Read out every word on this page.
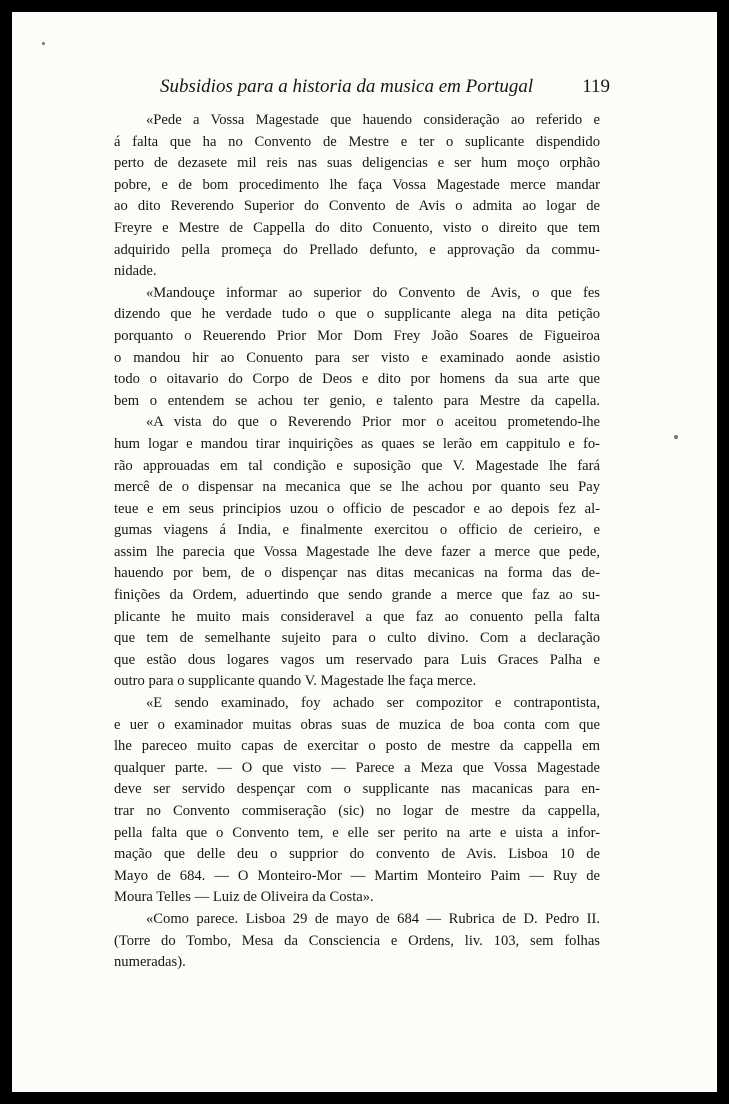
Subsidios para a historia da musica em Portugal	119
«Pede a Vossa Magestade que hauendo consideração ao referido e
á falta que ha no Convento de Mestre e ter o suplicante dispendido
perto de dezasete mil reis nas suas deligencias e ser hum moço orphão
pobre, e de bom procedimento lhe faça Vossa Magestade merce mandar
ao dito Reverendo Superior do Convento de Avis o admita ao logar de
Freyre e Mestre de Cappella do dito Conuento, visto o direito que tem
adquirido pella promeça do Prellado defunto, e approvação da commu-
nidade.
«Mandouçe informar ao superior do Convento de Avis, o que fes
dizendo que he verdade tudo o que o supplicante alega na dita petição
porquanto o Reuerendo Prior Mor Dom Frey João Soares de Figueiroa
o mandou hir ao Conuento para ser visto e examinado aonde asistio
todo o oitavario do Corpo de Deos e dito por homens da sua arte que
bem o entendem se achou ter genio, e talento para Mestre da capella.
«A vista do que o Reverendo Prior mor o aceitou prometendo-lhe
hum logar e mandou tirar inquirições as quaes se lerão em cappitulo e fo-
rão approuadas em tal condição e suposição que V. Magestade lhe fará
mercê de o dispensar na mecanica que se lhe achou por quanto seu Pay
teue e em seus principios uzou o officio de pescador e ao depois fez al-
gumas viagens á India, e finalmente exercitou o officio de cerieiro, e
assim lhe parecia que Vossa Magestade lhe deve fazer a merce que pede,
hauendo por bem, de o dispençar nas ditas mecanicas na forma das de-
finições da Ordem, aduertindo que sendo grande a merce que faz ao su-
plicante he muito mais consideravel a que faz ao conuento pella falta
que tem de semelhante sujeito para o culto divino. Com a declaração
que estão dous logares vagos um reservado para Luis Graces Palha e
outro para o supplicante quando V. Magestade lhe faça merce.
«E sendo examinado, foy achado ser compozitor e contrapontista,
e uer o examinador muitas obras suas de muzica de boa conta com que
lhe pareceo muito capas de exercitar o posto de mestre da cappella em
qualquer parte. — O que visto — Parece a Meza que Vossa Magestade
deve ser servido despençar com o supplicante nas macanicas para en-
trar no Convento commiseração (sic) no logar de mestre da cappella,
pella falta que o Convento tem, e elle ser perito na arte e uista a infor-
mação que delle deu o supprior do convento de Avis. Lisboa 10 de
Mayo de 684. — O Monteiro-Mor — Martim Monteiro Paim — Ruy de
Moura Telles — Luiz de Oliveira da Costa».
«Como parece. Lisboa 29 de mayo de 684 — Rubrica de D. Pedro II.
(Torre do Tombo, Mesa da Consciencia e Ordens, liv. 103, sem folhas
numeradas).
